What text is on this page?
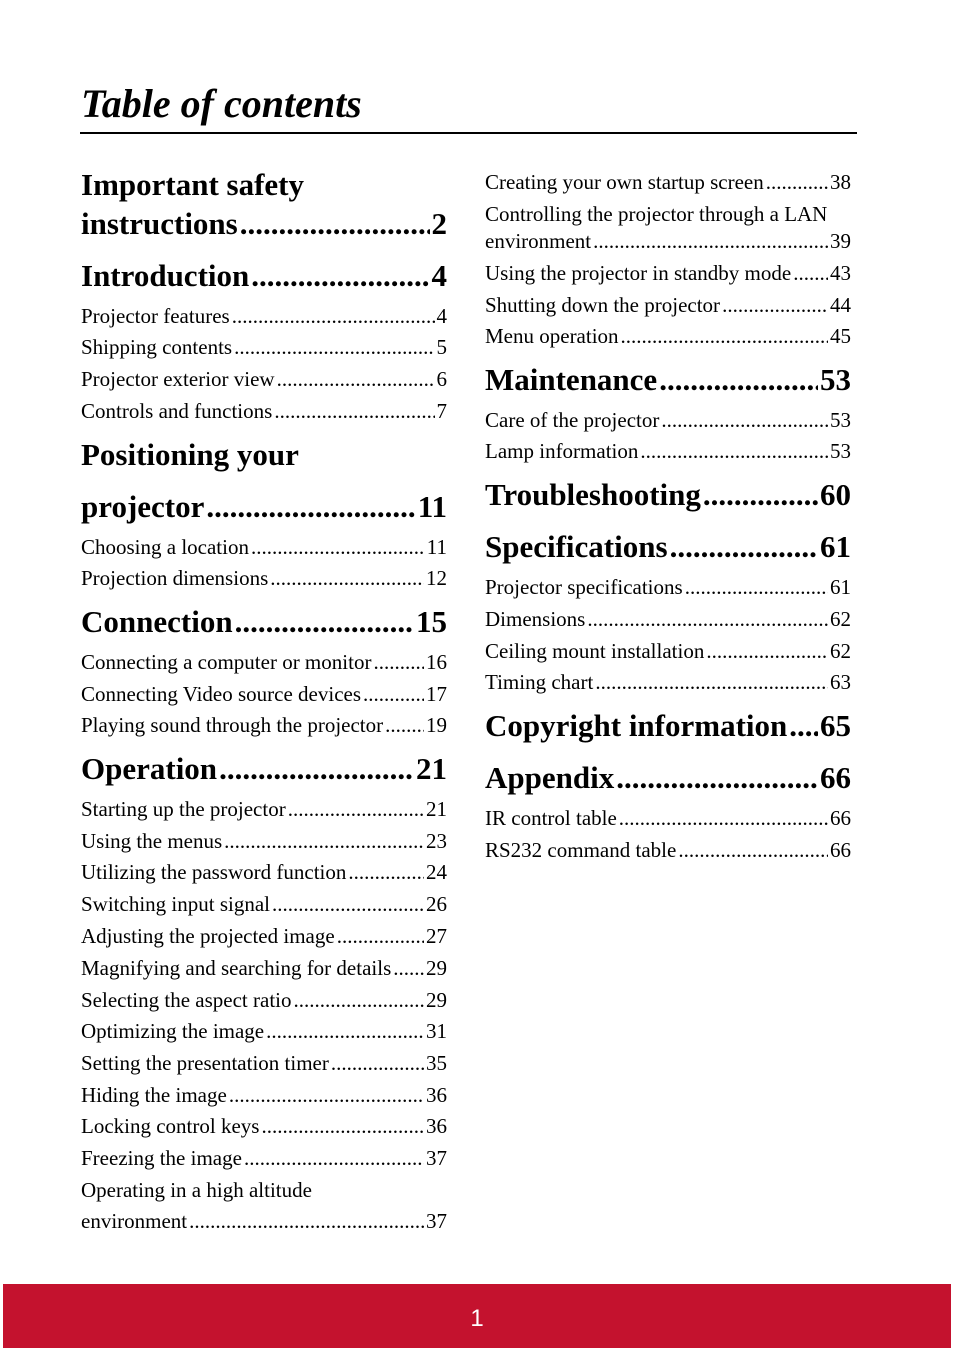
Table of contents
Important safety
instructions .....	2
Introduction .....	4
Projector features .....	4
Shipping contents .....	5
Projector exterior view .....	6
Controls and functions .....	7
Positioning your
projector .....	11
Choosing a location .....	11
Projection dimensions .....	12
Connection .....	15
Connecting a computer or monitor .....	16
Connecting Video source devices .....	17
Playing sound through the projector ..... 19
Operation .....	21
Starting up the projector .....	21
Using the menus .....	23
Utilizing the password function .....	24
Switching input signal .....	26
Adjusting the projected image .....	27
Magnifying and searching for details ..... 29
Selecting the aspect ratio .....	29
Optimizing the image .....	31
Setting the presentation timer .....	35
Hiding the image .....	36
Locking control keys .....	36
Freezing the image .....	37
Operating in a high altitude
environment .....	37
Creating your own startup screen .....	38
Controlling the projector through a LAN
environment .....	39
Using the projector in standby mode ..... 43
Shutting down the projector .....	44
Menu operation .....	45
Maintenance .....	53
Care of the projector .....	53
Lamp information .....	53
Troubleshooting .....	60
Specifications .....	61
Projector specifications .....	61
Dimensions .....	62
Ceiling mount installation .....	62
Timing chart .....	63
Copyright information ..... 65
Appendix .....	66
IR control table .....	66
RS232 command table .....	66
1
